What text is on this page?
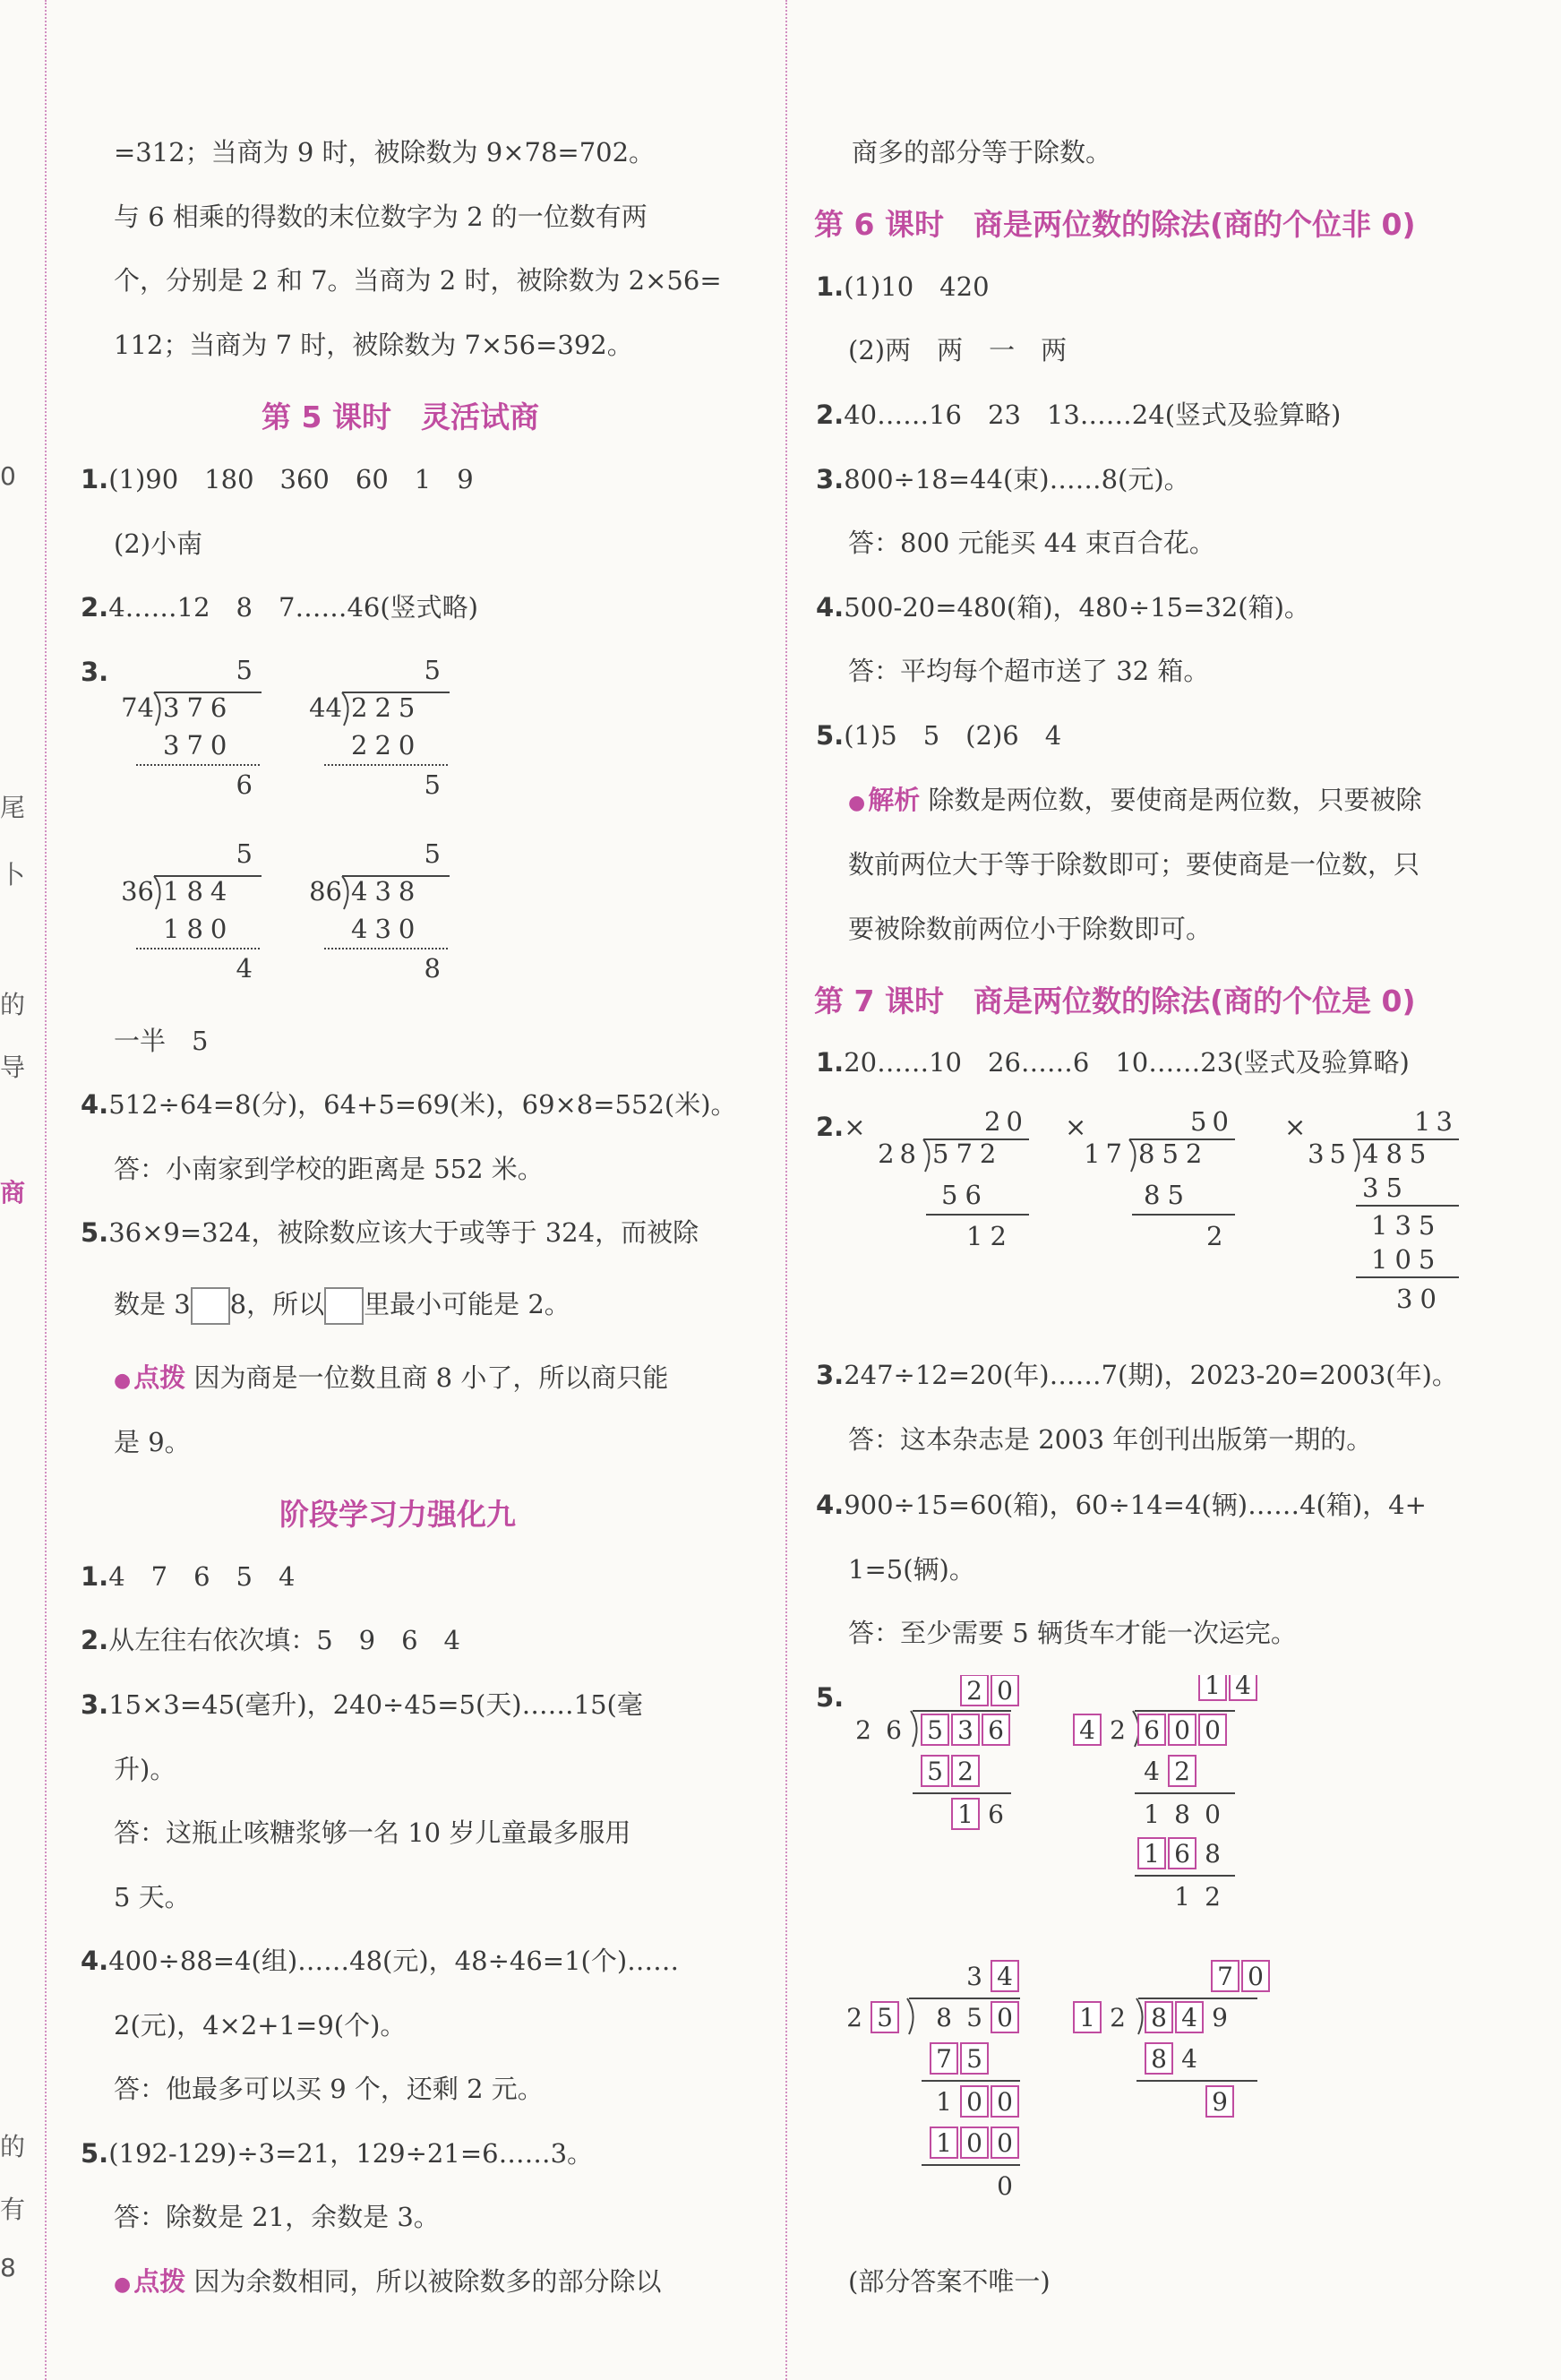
0
尾
卜
的
导
商
的
有
8
=312；当商为 9 时，被除数为 9×78=702。
与 6 相乘的得数的末位数字为 2 的一位数有两
个，分别是 2 和 7。当商为 2 时，被除数为 2×56=
112；当商为 7 时，被除数为 7×56=392。
第 5 课时　灵活试商
1.(1)90　180　360　60　1　9
(2)小南
2.4……12　8　7……46(竖式略)
3.	5
74 376
370
6
5
44 225
220
5
5
36 184
180
4
5
86 438
430
8
一半　5
4.512÷64=8(分)，64+5=69(米)，69×8=552(米)。
答：小南家到学校的距离是 552 米。
5.36×9=324，被除数应该大于或等于 324，而被除
数是 3 8，所以 里最小可能是 2。
● 点拨 因为商是一位数且商 8 小了，所以商只能
是 9。
阶段学习力强化九
1.4　7　6　5　4
2.从左往右依次填：5　9　6　4
3.15×3=45(毫升)，240÷45=5(天)……15(毫
升)。
答：这瓶止咳糖浆够一名 10 岁儿童最多服用
5 天。
4.400÷88=4(组)……48(元)，48÷46=1(个)……
2(元)，4×2+1=9(个)。
答：他最多可以买 9 个，还剩 2 元。
5.(192-129)÷3=21，129÷21=6……3。
答：除数是 21，余数是 3。
● 点拨 因为余数相同，所以被除数多的部分除以
商多的部分等于除数。
第 6 课时　商是两位数的除法(商的个位非 0)
1.(1)10　420
(2)两　两　一　两
2.40……16　23　13……24(竖式及验算略)
3.800÷18=44(束)……8(元)。
答：800 元能买 44 束百合花。
4.500-20=480(箱)，480÷15=32(箱)。
答：平均每个超市送了 32 箱。
5.(1)5　5　(2)6　4
● 解析 除数是两位数，要使商是两位数，只要被除
数前两位大于等于除数即可；要使商是一位数，只
要被除数前两位小于除数即可。
第 7 课时　商是两位数的除法(商的个位是 0)
1.20……10　26……6　10……23(竖式及验算略)
2.×	×	×
20
28 572
56
12
50
17 852
85
2
13
35 485
35
135
105
30
3.247÷12=20(年)……7(期)，2023-20=2003(年)。
答：这本杂志是 2003 年创刊出版第一期的。
4.900÷15=60(箱)，60÷14=4(辆)……4(箱)，4+
1=5(辆)。
答：至少需要 5 辆货车才能一次运完。
5.	2 0
2 6 5 3 6
5 2
1 6
1 4
4 2 6 0 0
4 2
1 8 0
1 6 8
1 2
3 4
2 5 8 5 0
7 5
1 0 0
1 0 0
0
7 0
1 2 8 4 9
8 4
9
(部分答案不唯一)
